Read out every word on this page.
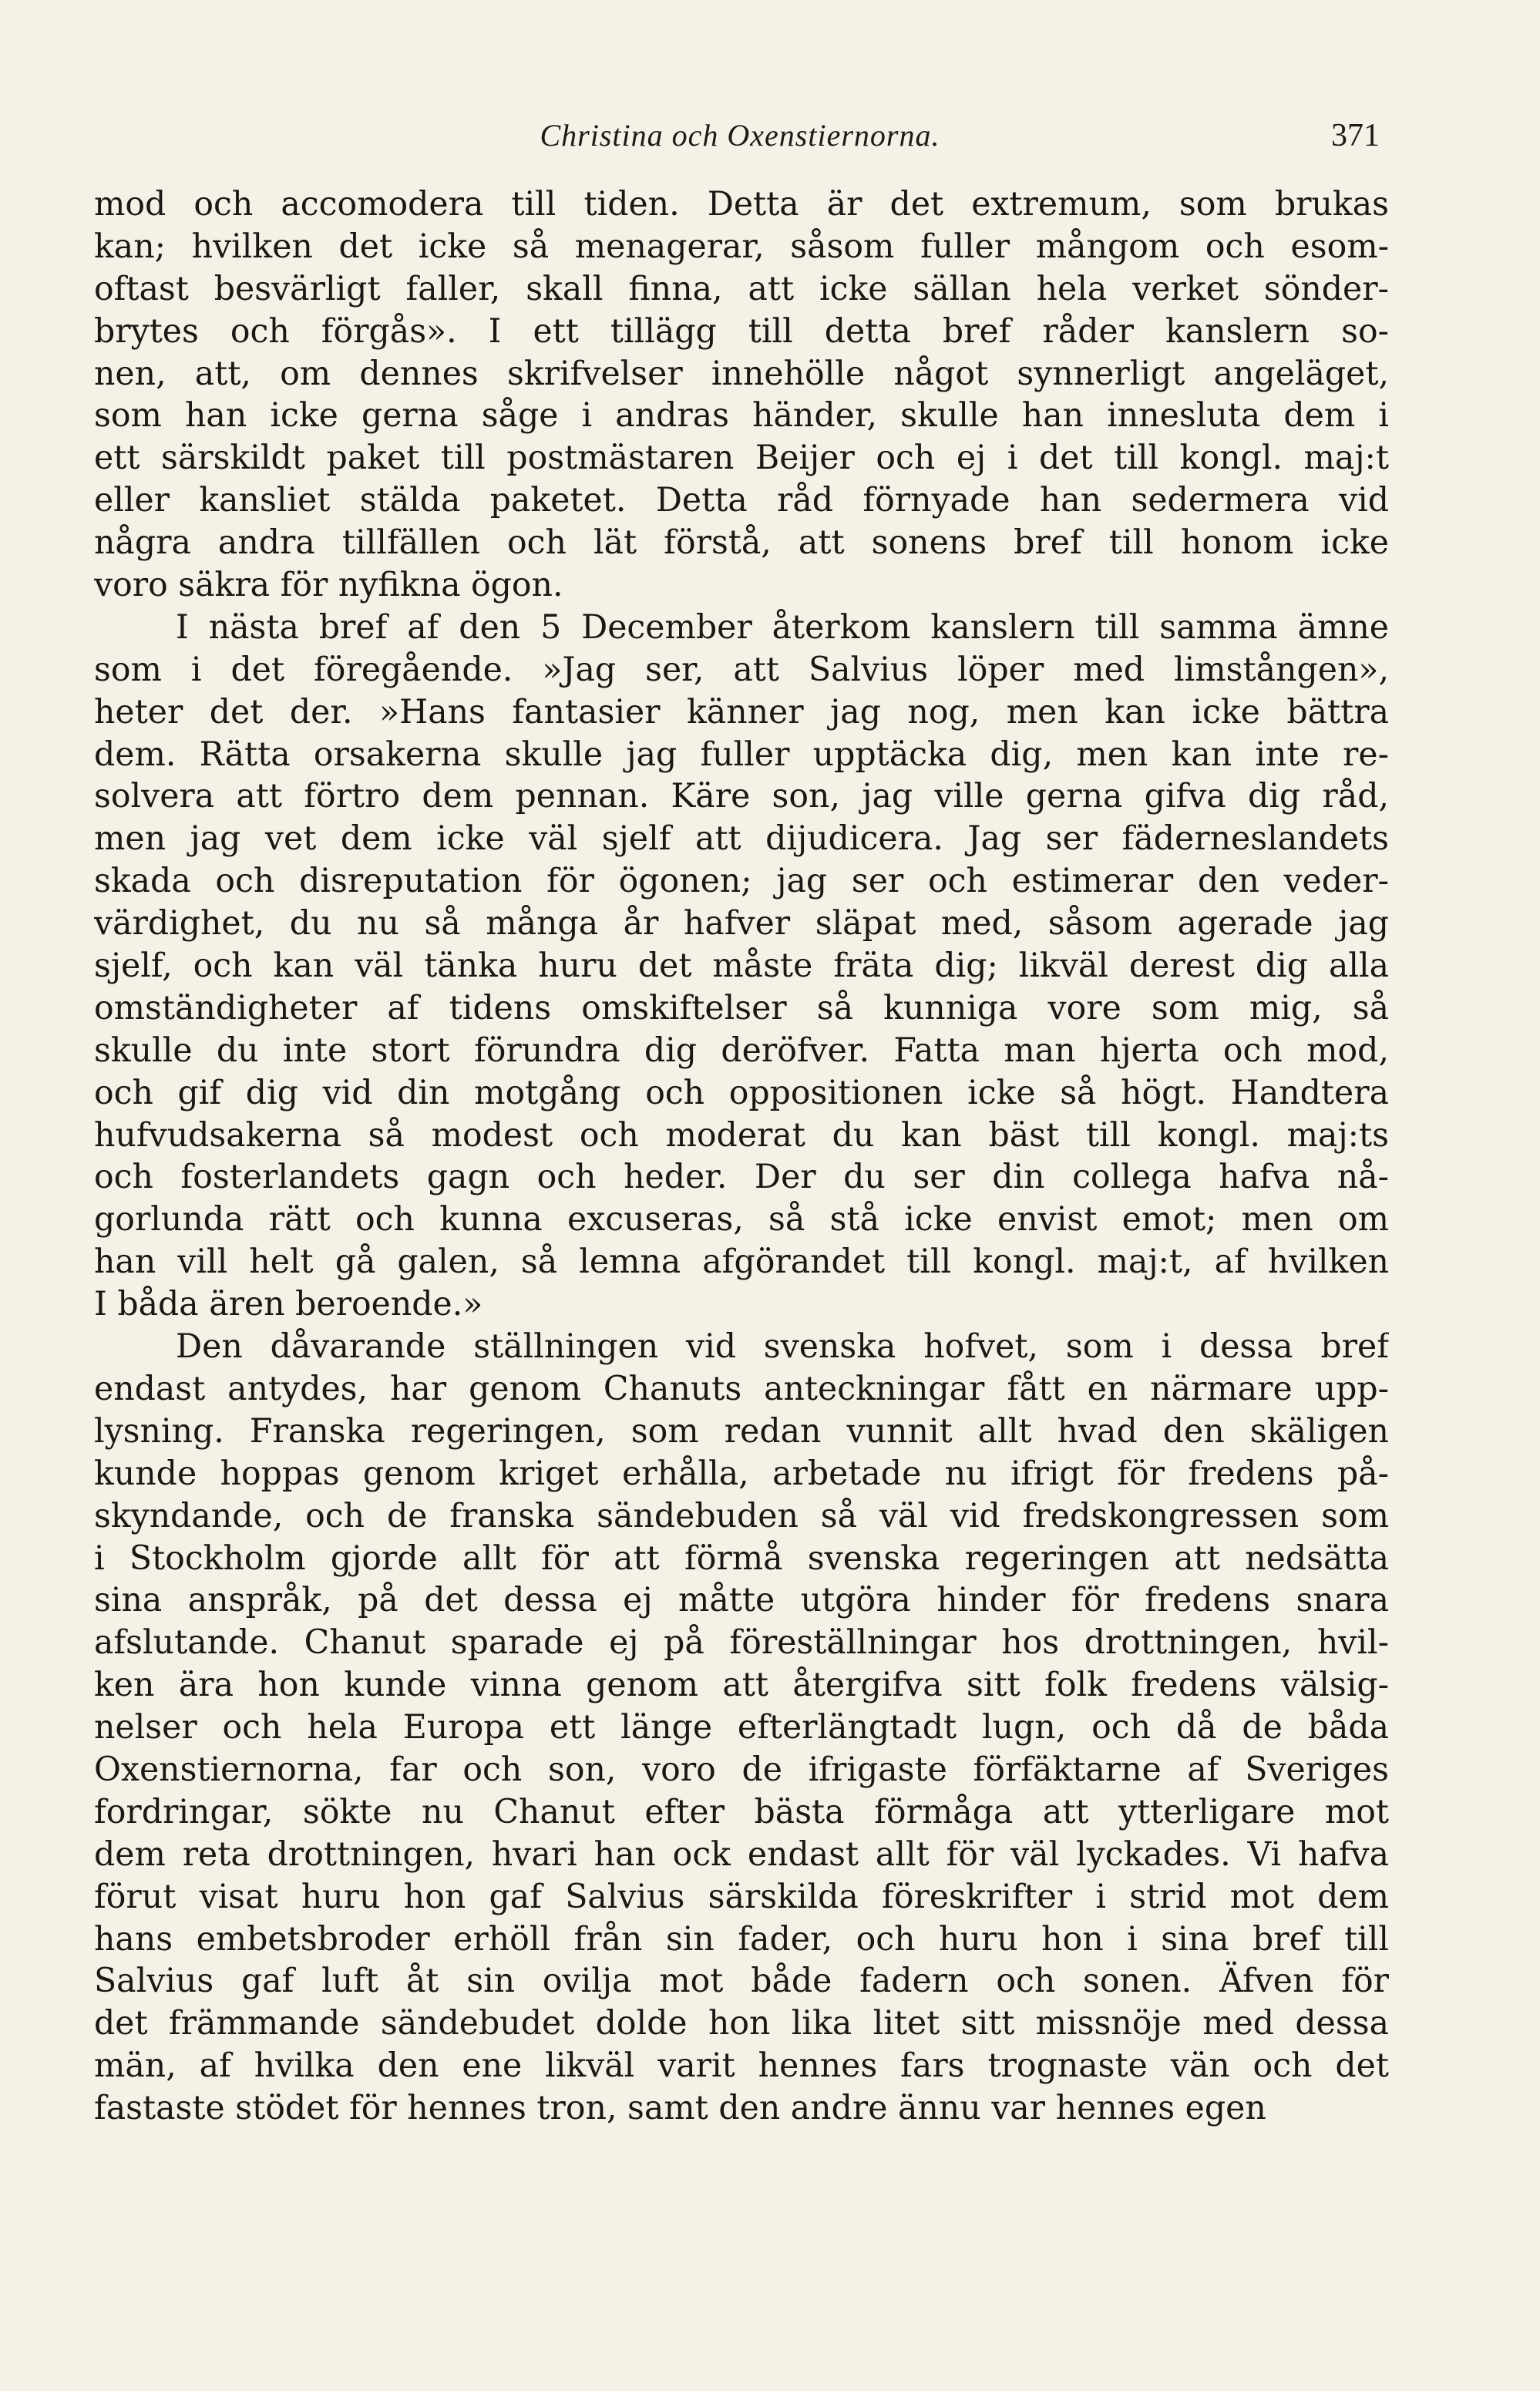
Christina och Oxenstiernorna.	371
mod och accomodera till tiden. Detta är det extremum, som brukas
kan; hvilken det icke så menagerar, såsom fuller mångom och esom-
oftast besvärligt faller, skall finna, att icke sällan hela verket sönder-
brytes och förgås». I ett tillägg till detta bref råder kanslern so-
nen, att, om dennes skrifvelser innehölle något synnerligt angeläget,
som han icke gerna såge i andras händer, skulle han innesluta dem i
ett särskildt paket till postmästaren Beijer och ej i det till kongl. maj:t
eller kansliet stälda paketet. Detta råd förnyade han sedermera vid
några andra tillfällen och lät förstå, att sonens bref till honom icke
voro säkra för nyfikna ögon.
I nästa bref af den 5 December återkom kanslern till samma ämne
som i det föregående. »Jag ser, att Salvius löper med limstången»,
heter det der. »Hans fantasier känner jag nog, men kan icke bättra
dem. Rätta orsakerna skulle jag fuller upptäcka dig, men kan inte re-
solvera att förtro dem pennan. Käre son, jag ville gerna gifva dig råd,
men jag vet dem icke väl sjelf att dijudicera. Jag ser fäderneslandets
skada och disreputation för ögonen; jag ser och estimerar den veder-
värdighet, du nu så många år hafver släpat med, såsom agerade jag
sjelf, och kan väl tänka huru det måste fräta dig; likväl derest dig alla
omständigheter af tidens omskiftelser så kunniga vore som mig, så
skulle du inte stort förundra dig deröfver. Fatta man hjerta och mod,
och gif dig vid din motgång och oppositionen icke så högt. Handtera
hufvudsakerna så modest och moderat du kan bäst till kongl. maj:ts
och fosterlandets gagn och heder. Der du ser din collega hafva nå-
gorlunda rätt och kunna excuseras, så stå icke envist emot; men om
han vill helt gå galen, så lemna afgörandet till kongl. maj:t, af hvilken
I båda ären beroende.»
Den dåvarande ställningen vid svenska hofvet, som i dessa bref
endast antydes, har genom Chanuts anteckningar fått en närmare upp-
lysning. Franska regeringen, som redan vunnit allt hvad den skäligen
kunde hoppas genom kriget erhålla, arbetade nu ifrigt för fredens på-
skyndande, och de franska sändebuden så väl vid fredskongressen som
i Stockholm gjorde allt för att förmå svenska regeringen att nedsätta
sina anspråk, på det dessa ej måtte utgöra hinder för fredens snara
afslutande. Chanut sparade ej på föreställningar hos drottningen, hvil-
ken ära hon kunde vinna genom att återgifva sitt folk fredens välsig-
nelser och hela Europa ett länge efterlängtadt lugn, och då de båda
Oxenstiernorna, far och son, voro de ifrigaste förfäktarne af Sveriges
fordringar, sökte nu Chanut efter bästa förmåga att ytterligare mot
dem reta drottningen, hvari han ock endast allt för väl lyckades. Vi hafva
förut visat huru hon gaf Salvius särskilda föreskrifter i strid mot dem
hans embetsbroder erhöll från sin fader, och huru hon i sina bref till
Salvius gaf luft åt sin ovilja mot både fadern och sonen. Äfven för
det främmande sändebudet dolde hon lika litet sitt missnöje med dessa
män, af hvilka den ene likväl varit hennes fars trognaste vän och det
fastaste stödet för hennes tron, samt den andre ännu var hennes egen
